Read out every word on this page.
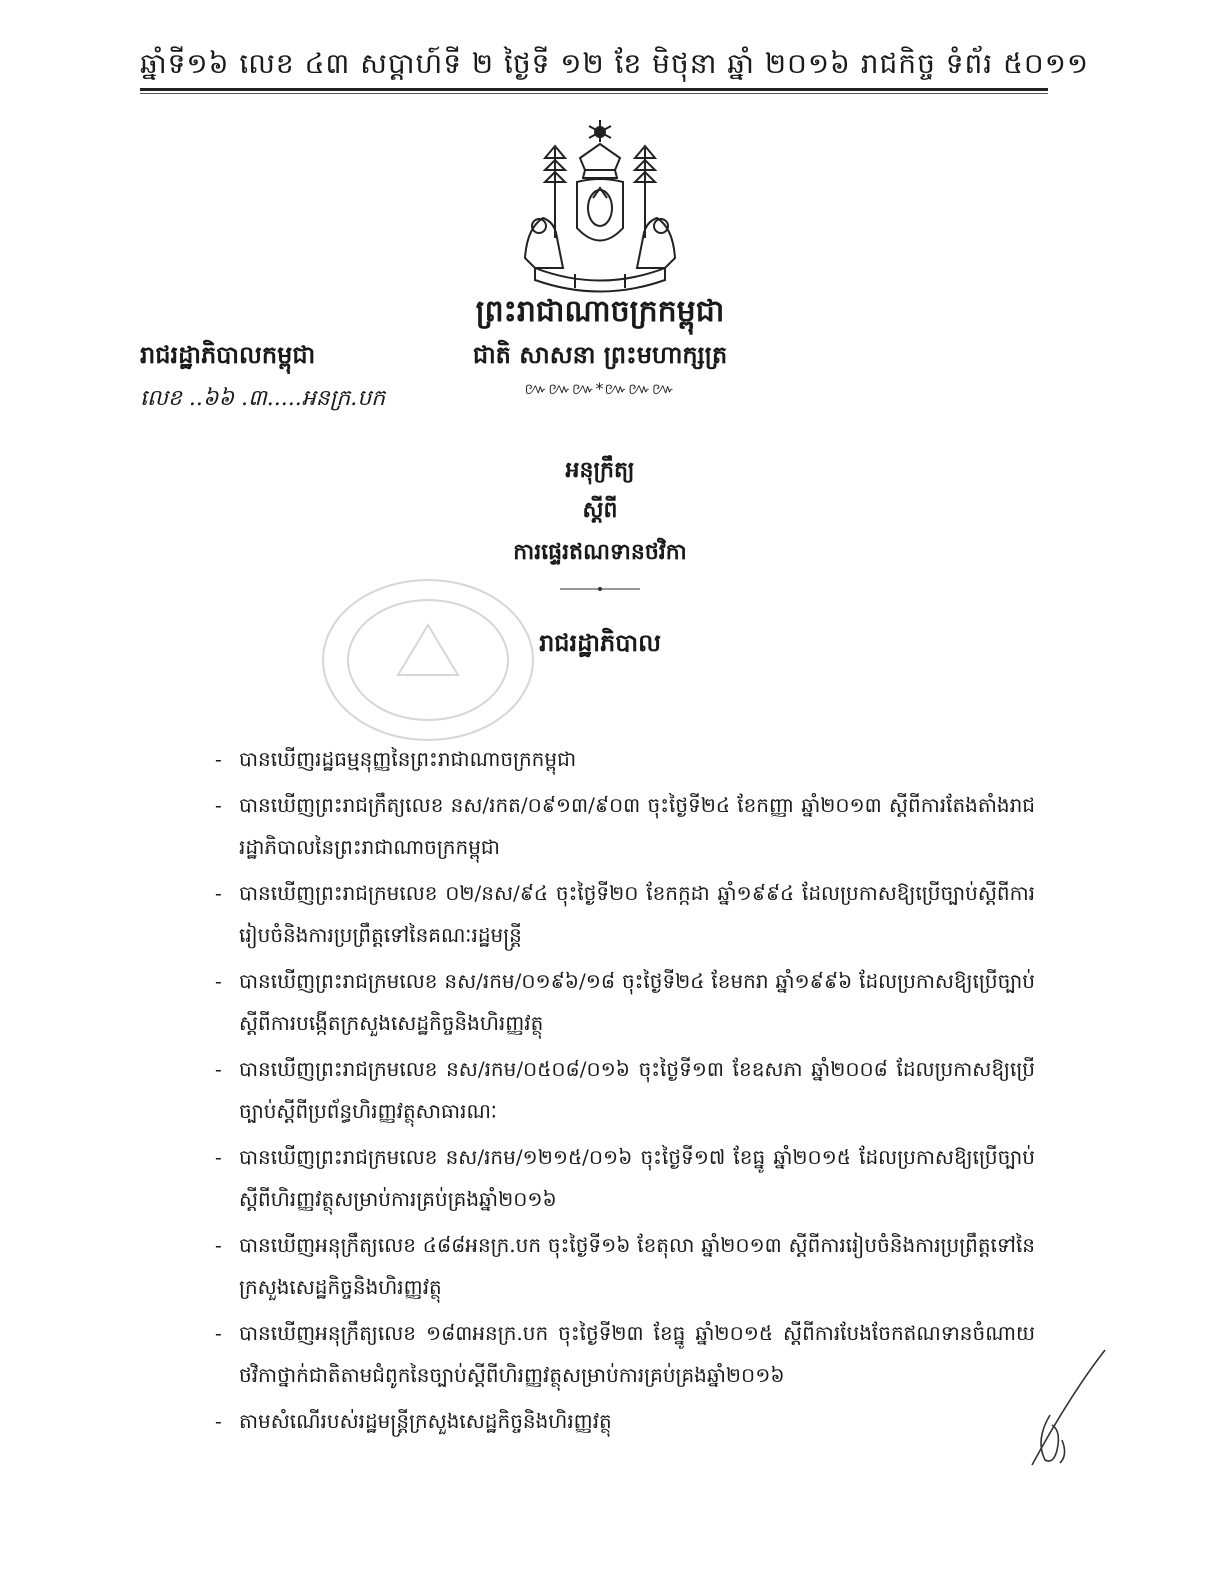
ឆ្នាំទី១៦ លេខ ៤៣ សប្តាហ៍ទី ២ ថ្ងៃទី ១២ ខែ មិថុនា ឆ្នាំ ២០១៦ រាជកិច្ច ទំព័រ ៥០១១
ព្រះរាជាណាចក្រកម្ពុជា
ជាតិ សាសនា ព្រះមហាក្សត្រ
៚៚៚*៚៚៚
រាជរដ្ឋាភិបាលកម្ពុជា
លេខ ..៦៦ .៣.....អនក្រ.បក
អនុក្រឹត្យ
ស្តីពី
ការផ្ទេរឥណទានថវិកា
រាជរដ្ឋាភិបាល
- បានឃើញរដ្ឋធម្មនុញ្ញនៃព្រះរាជាណាចក្រកម្ពុជា
- បានឃើញព្រះរាជក្រឹត្យលេខ នស/រកត/០៩១៣/៩០៣ ចុះថ្ងៃទី២៤ ខែកញ្ញា ឆ្នាំ២០១៣ ស្តីពីការតែងតាំងរាជរដ្ឋាភិបាលនៃព្រះរាជាណាចក្រកម្ពុជា
- បានឃើញព្រះរាជក្រមលេខ ០២/នស/៩៤ ចុះថ្ងៃទី២០ ខែកក្កដា ឆ្នាំ១៩៩៤ ដែលប្រកាសឱ្យប្រើច្បាប់ស្តីពីការរៀបចំនិងការប្រព្រឹត្តទៅនៃគណៈរដ្ឋមន្ត្រី
- បានឃើញព្រះរាជក្រមលេខ នស/រកម/០១៩៦/១៨ ចុះថ្ងៃទី២៤ ខែមករា ឆ្នាំ១៩៩៦ ដែលប្រកាសឱ្យប្រើច្បាប់ស្តីពីការបង្កើតក្រសួងសេដ្ឋកិច្ចនិងហិរញ្ញវត្ថុ
- បានឃើញព្រះរាជក្រមលេខ នស/រកម/០៥០៨/០១៦ ចុះថ្ងៃទី១៣ ខែឧសភា ឆ្នាំ២០០៨ ដែលប្រកាសឱ្យប្រើច្បាប់ស្តីពីប្រព័ន្ធហិរញ្ញវត្ថុសាធារណៈ
- បានឃើញព្រះរាជក្រមលេខ នស/រកម/១២១៥/០១៦ ចុះថ្ងៃទី១៧ ខែធ្នូ ឆ្នាំ២០១៥ ដែលប្រកាសឱ្យប្រើច្បាប់ស្តីពីហិរញ្ញវត្ថុសម្រាប់ការគ្រប់គ្រងឆ្នាំ២០១៦
- បានឃើញអនុក្រឹត្យលេខ ៤៨៨អនក្រ.បក ចុះថ្ងៃទី១៦ ខែតុលា ឆ្នាំ២០១៣ ស្តីពីការរៀបចំនិងការប្រព្រឹត្តទៅនៃក្រសួងសេដ្ឋកិច្ចនិងហិរញ្ញវត្ថុ
- បានឃើញអនុក្រឹត្យលេខ ១៨៣អនក្រ.បក ចុះថ្ងៃទី២៣ ខែធ្នូ ឆ្នាំ២០១៥ ស្តីពីការបែងចែកឥណទានចំណាយថវិកាថ្នាក់ជាតិតាមជំពូកនៃច្បាប់ស្តីពីហិរញ្ញវត្ថុសម្រាប់ការគ្រប់គ្រងឆ្នាំ២០១៦
- តាមសំណើរបស់រដ្ឋមន្ត្រីក្រសួងសេដ្ឋកិច្ចនិងហិរញ្ញវត្ថុ
